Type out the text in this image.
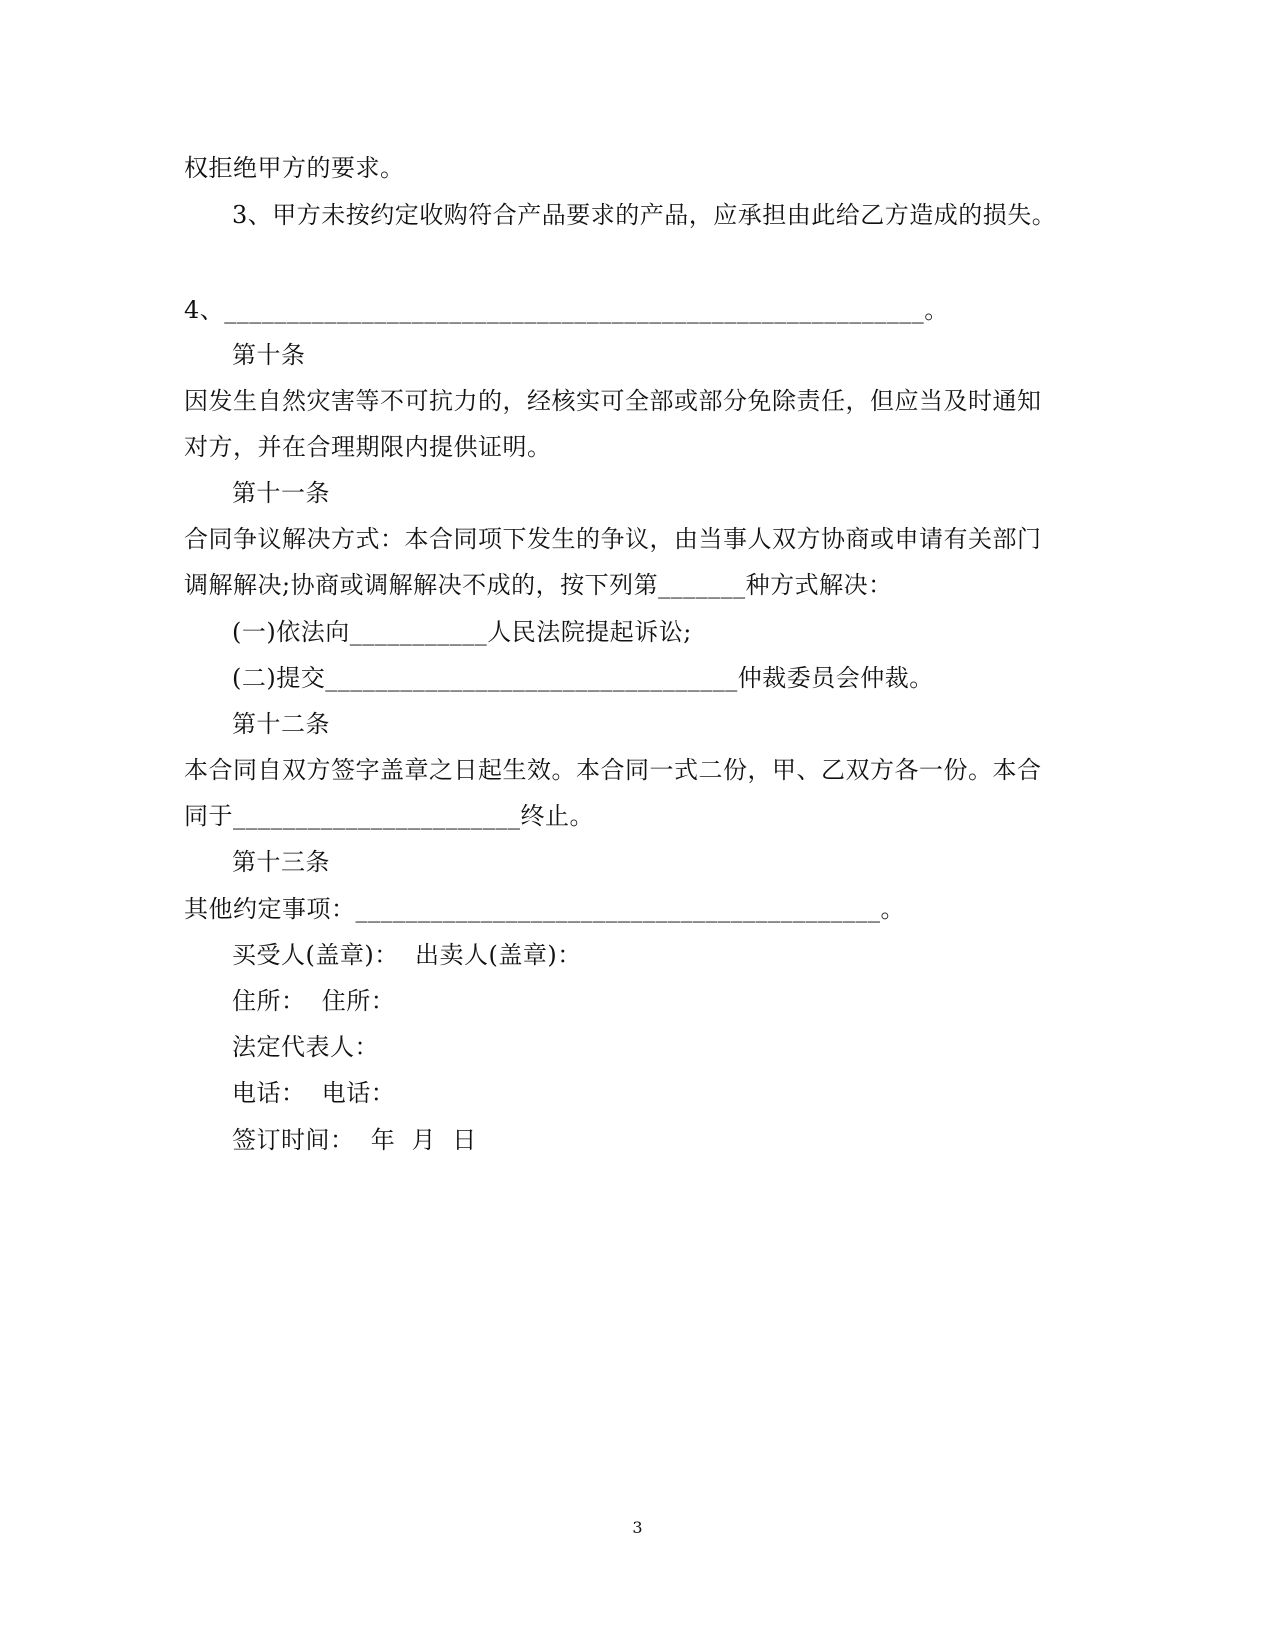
权拒绝甲方的要求。
3、甲方未按约定收购符合产品要求的产品，应承担由此给乙方造成的损失。
4、________________________________________________________。
第十条
因发生自然灾害等不可抗力的，经核实可全部或部分免除责任，但应当及时通知
对方，并在合理期限内提供证明。
第十一条
合同争议解决方式：本合同项下发生的争议，由当事人双方协商或申请有关部门
调解解决;协商或调解解决不成的，按下列第_______种方式解决：
(一)依法向___________人民法院提起诉讼;
(二)提交_________________________________仲裁委员会仲裁。
第十二条
本合同自双方签字盖章之日起生效。本合同一式二份，甲、乙双方各一份。本合
同于_______________________终止。
第十三条
其他约定事项：__________________________________________。
买受人(盖章)：  出卖人(盖章)：
住所：  住所：
法定代表人：
电话：  电话：
签订时间：  年  月  日
3
